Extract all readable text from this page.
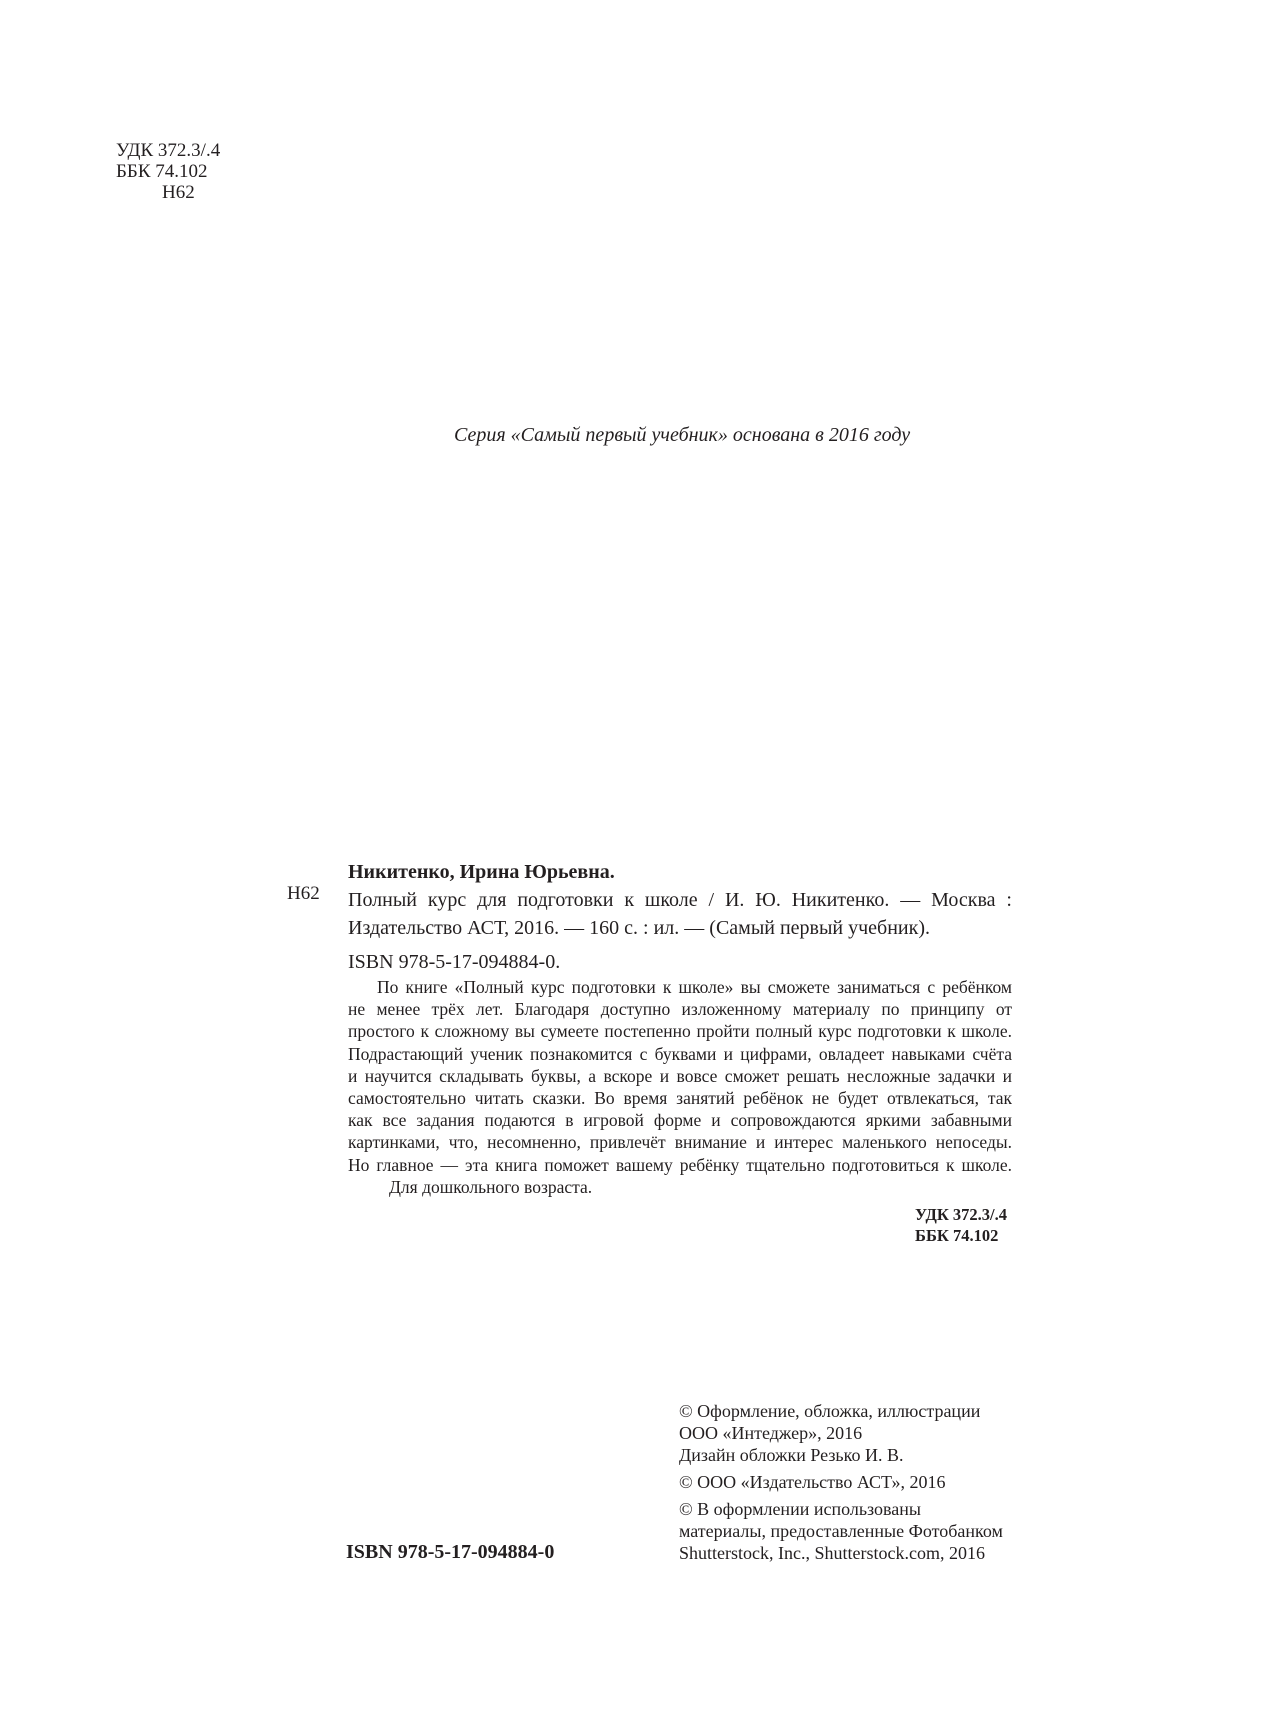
УДК 372.3/.4
ББК 74.102
Н62
Серия «Самый первый учебник» основана в 2016 году
Н62
Никитенко, Ирина Юрьевна.
Полный курс для подготовки к школе / И. Ю. Никитенко. — Москва :
Издательство АСТ, 2016. — 160 с. : ил. — (Самый первый учебник).
ISBN 978-5-17-094884-0.
По книге «Полный курс подготовки к школе» вы сможете заниматься с ребёнком
не менее трёх лет. Благодаря доступно изложенному материалу по принципу от
простого к сложному вы сумеете постепенно пройти полный курс подготовки к школе.
Подрастающий ученик познакомится с буквами и цифрами, овладеет навыками счёта
и научится складывать буквы, а вскоре и вовсе сможет решать несложные задачки и
самостоятельно читать сказки. Во время занятий ребёнок не будет отвлекаться, так
как все задания подаются в игровой форме и сопровождаются яркими забавными
картинками, что, несомненно, привлечёт внимание и интерес маленького непоседы.
Но главное — эта книга поможет вашему ребёнку тщательно подготовиться к школе.
Для дошкольного возраста.
УДК 372.3/.4
ББК 74.102
© Оформление, обложка, иллюстрации
ООО «Интеджер», 2016
Дизайн обложки Резько И. В.
© ООО «Издательство АСТ», 2016
© В оформлении использованы
материалы, предоставленные Фотобанком
Shutterstock, Inc., Shutterstock.com, 2016
ISBN 978-5-17-094884-0
